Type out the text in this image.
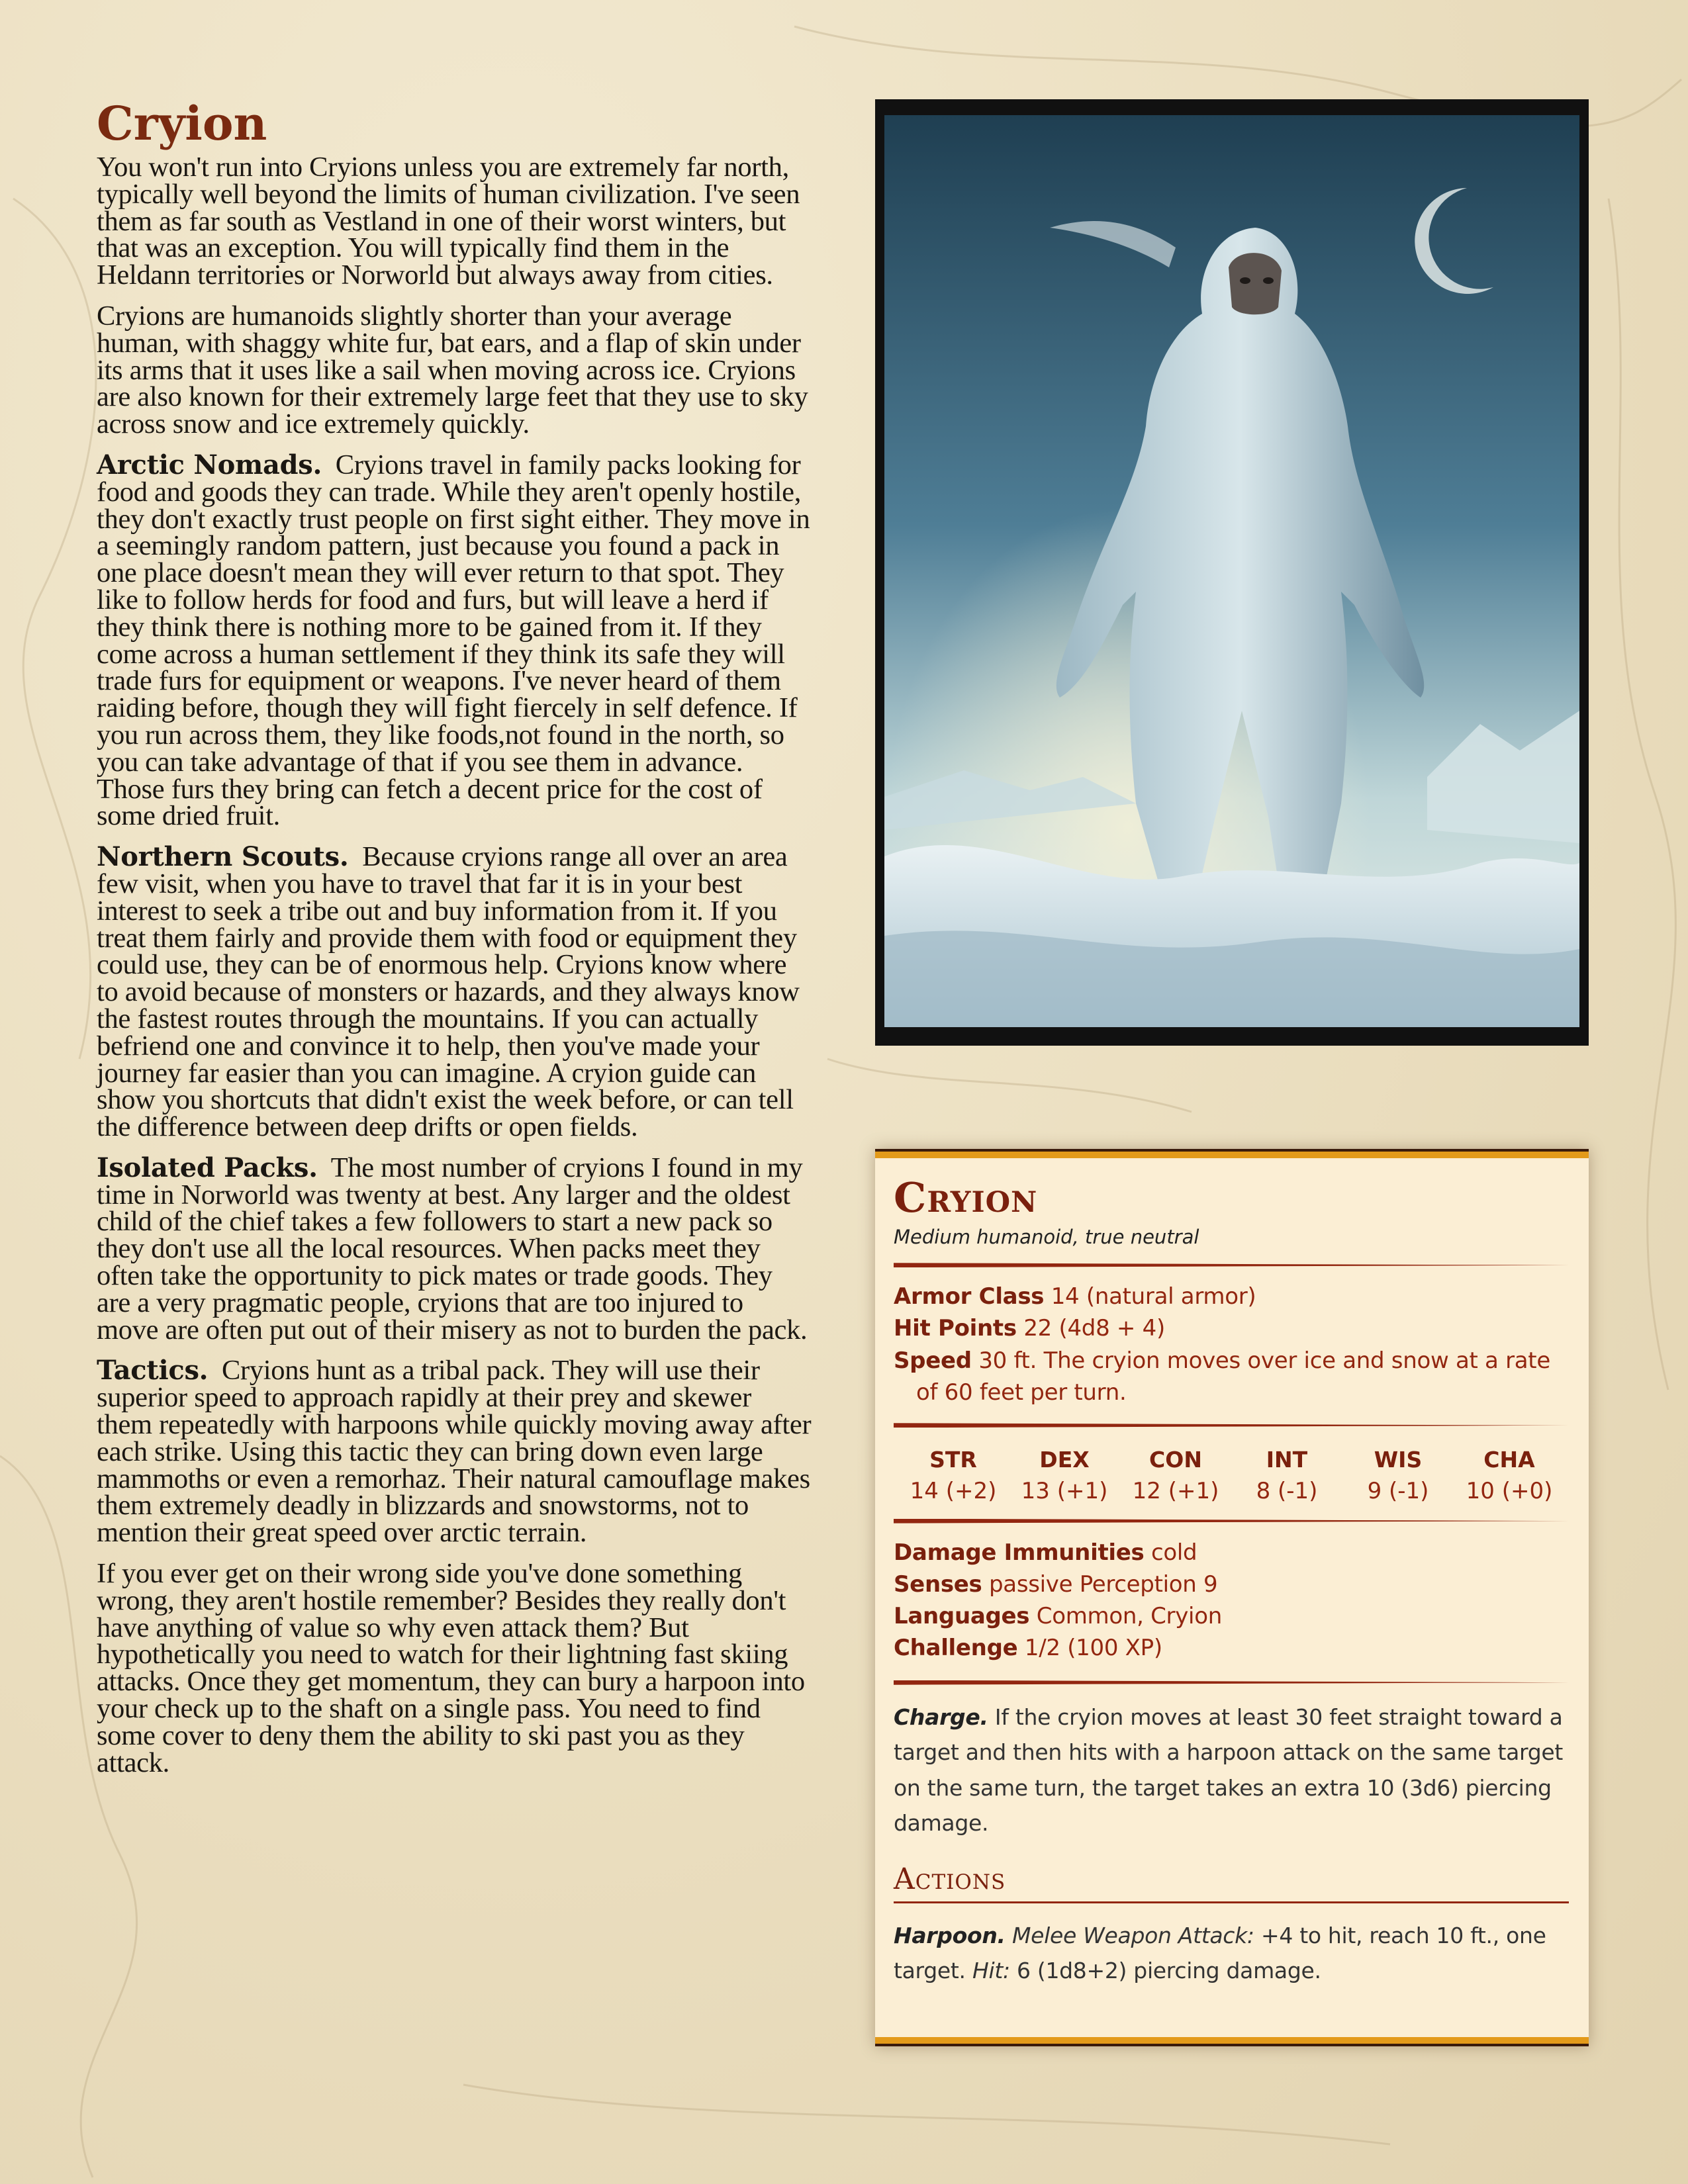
Cryion

You won't run into Cryions unless you are extremely far north, typically well beyond the limits of human civilization. I've seen them as far south as Vestland in one of their worst winters, but that was an exception. You will typically find them in the Heldann territories or Norworld but always away from cities.

Cryions are humanoids slightly shorter than your average human, with shaggy white fur, bat ears, and a flap of skin under its arms that it uses like a sail when moving across ice. Cryions are also known for their extremely large feet that they use to sky across snow and ice extremely quickly.

Arctic Nomads. Cryions travel in family packs looking for food and goods they can trade. While they aren't openly hostile, they don't exactly trust people on first sight either. They move in a seemingly random pattern, just because you found a pack in one place doesn't mean they will ever return to that spot. They like to follow herds for food and furs, but will leave a herd if they think there is nothing more to be gained from it. If they come across a human settlement if they think its safe they will trade furs for equipment or weapons. I've never heard of them raiding before, though they will fight fiercely in self defence. If you run across them, they like foods,not found in the north, so you can take advantage of that if you see them in advance. Those furs they bring can fetch a decent price for the cost of some dried fruit.

Northern Scouts. Because cryions range all over an area few visit, when you have to travel that far it is in your best interest to seek a tribe out and buy information from it. If you treat them fairly and provide them with food or equipment they could use, they can be of enormous help. Cryions know where to avoid because of monsters or hazards, and they always know the fastest routes through the mountains. If you can actually befriend one and convince it to help, then you've made your journey far easier than you can imagine. A cryion guide can show you shortcuts that didn't exist the week before, or can tell the difference between deep drifts or open fields.

Isolated Packs. The most number of cryions I found in my time in Norworld was twenty at best. Any larger and the oldest child of the chief takes a few followers to start a new pack so they don't use all the local resources. When packs meet they often take the opportunity to pick mates or trade goods. They are a very pragmatic people, cryions that are too injured to move are often put out of their misery as not to burden the pack.

Tactics. Cryions hunt as a tribal pack. They will use their superior speed to approach rapidly at their prey and skewer them repeatedly with harpoons while quickly moving away after each strike. Using this tactic they can bring down even large mammoths or even a remorhaz. Their natural camouflage makes them extremely deadly in blizzards and snowstorms, not to mention their great speed over arctic terrain.

If you ever get on their wrong side you've done something wrong, they aren't hostile remember? Besides they really don't have anything of value so why even attack them? But hypothetically you need to watch for their lightning fast skiing attacks. Once they get momentum, they can bury a harpoon into your check up to the shaft on a single pass. You need to find some cover to deny them the ability to ski past you as they attack.

Cryion
Medium humanoid, true neutral

Armor Class 14 (natural armor)

Hit Points 22 (4d8 + 4)

Speed 30 ft. The cryion moves over ice and snow at a rate of 60 feet per turn.

STR
14 (+2)
DEX
13 (+1)
CON
12 (+1)
INT
8 (-1)
WIS
9 (-1)
CHA
10 (+0)

Damage Immunities cold

Senses passive Perception 9

Languages Common, Cryion

Challenge 1/2 (100 XP)

Charge. If the cryion moves at least 30 feet straight toward a target and then hits with a harpoon attack on the same target on the same turn, the target takes an extra 10 (3d6) piercing damage.

Actions

Harpoon. Melee Weapon Attack: +4 to hit, reach 10 ft., one target. Hit: 6 (1d8+2) piercing damage.
